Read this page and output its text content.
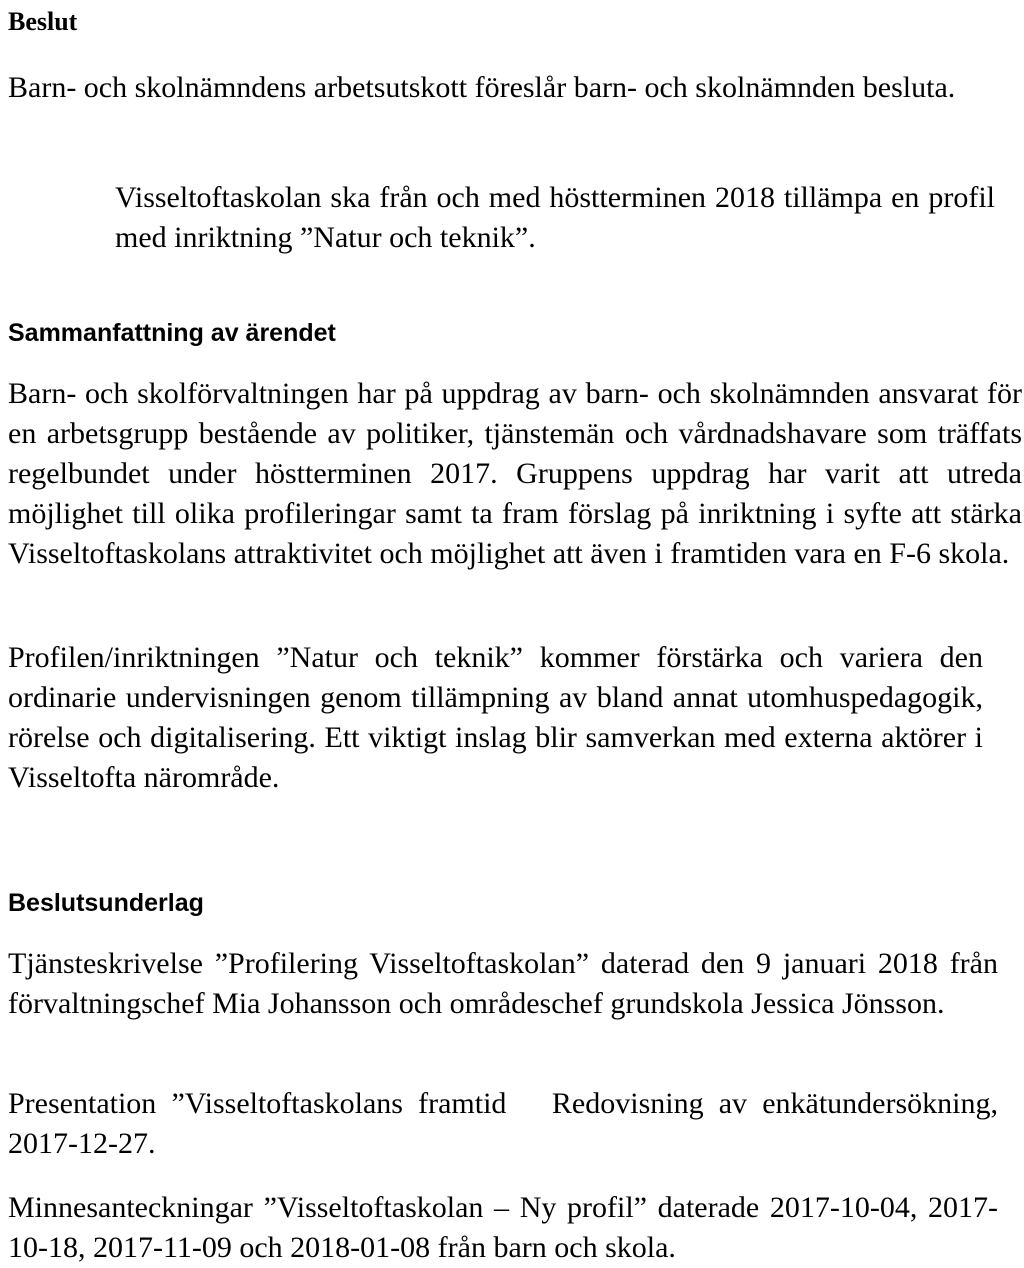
Beslut

Barn- och skolnämndens arbetsutskott föreslår barn- och skolnämnden besluta.

Visseltoftaskolan ska från och med höstterminen 2018 tillämpa en profil med inriktning ”Natur och teknik”.

Sammanfattning av ärendet

Barn- och skolförvaltningen har på uppdrag av barn- och skolnämnden ansvarat för en arbetsgrupp bestående av politiker, tjänstemän och vårdnadshavare som träffats regelbundet under höstterminen 2017. Gruppens uppdrag har varit att utreda möjlighet till olika profileringar samt ta fram förslag på inriktning i syfte att stärka Visseltoftaskolans attraktivitet och möjlighet att även i framtiden vara en F-6 skola.

Profilen/inriktningen ”Natur och teknik” kommer förstärka och variera den ordinarie undervisningen genom tillämpning av bland annat utomhuspedagogik, rörelse och digitalisering. Ett viktigt inslag blir samverkan med externa aktörer i Visseltofta närområde.

Beslutsunderlag

Tjänsteskrivelse ”Profilering Visseltoftaskolan” daterad den 9 januari 2018 från förvaltningschef Mia Johansson och områdeschef grundskola Jessica Jönsson.

Presentation ”Visseltoftaskolans framtid   Redovisning av enkätundersökning, 2017-12-27.

Minnesanteckningar ”Visseltoftaskolan – Ny profil” daterade 2017-10-04, 2017-10-18, 2017-11-09 och 2018-01-08 från barn och skola.
